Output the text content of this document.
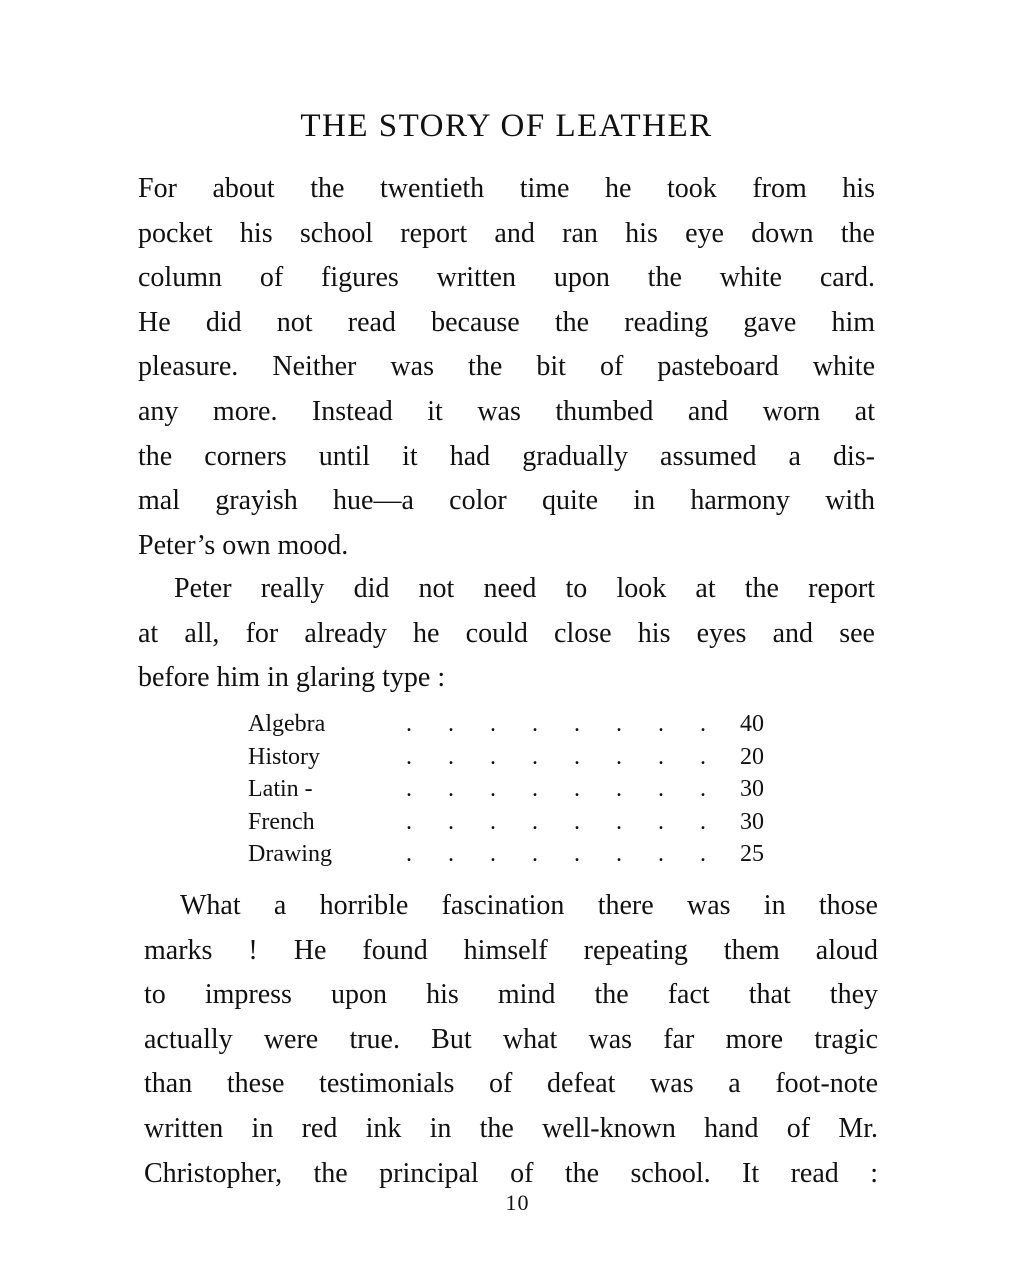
THE STORY OF LEATHER

For about the twentieth time he took from his
pocket his school report and ran his eye down the
column of figures written upon the white card.
He did not read because the reading gave him
pleasure. Neither was the bit of pasteboard white
any more. Instead it was thumbed and worn at
the corners until it had gradually assumed a dis-
mal grayish hue—a color quite in harmony with
Peter’s own mood.

Peter really did not need to look at the report
at all, for already he could close his eyes and see
before him in glaring type :

Algebra	. . . . . . . .	40
History	. . . . . . . .	20
Latin -	. . . . . . . .	30
French	. . . . . . . .	30
Drawing	. . . . . . . .	25

What a horrible fascination there was in those
marks ! He found himself repeating them aloud
to impress upon his mind the fact that they
actually were true. But what was far more tragic
than these testimonials of defeat was a foot-note
written in red ink in the well-known hand of Mr.
Christopher, the principal of the school. It read :

10
